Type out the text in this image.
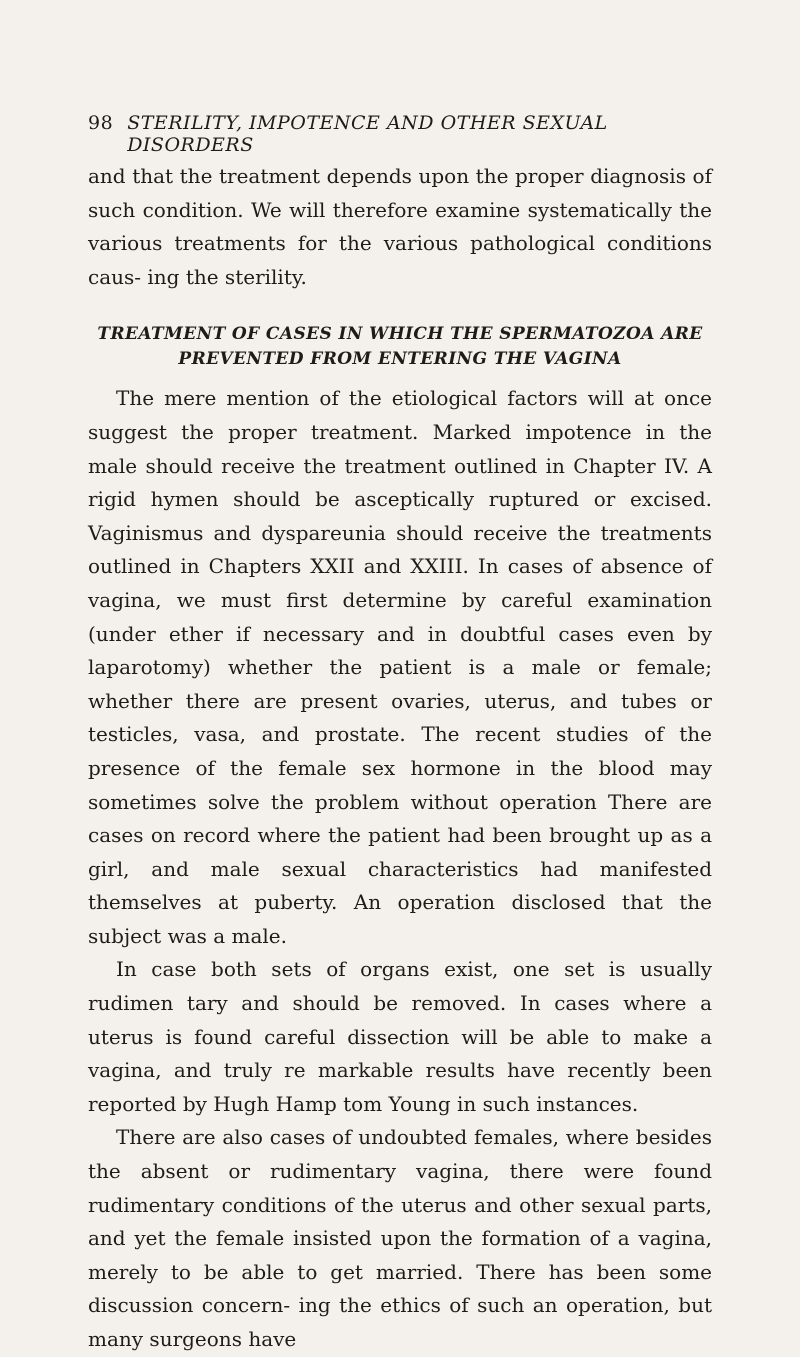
98 STERILITY, IMPOTENCE AND OTHER SEXUAL DISORDERS

and that the treatment depends upon the proper diagnosis of such condition. We will therefore examine systematically the various treatments for the various pathological conditions caus- ing the sterility.

TREATMENT OF CASES IN WHICH THE SPERMATOZOA ARE PREVENTED FROM ENTERING THE VAGINA

The mere mention of the etiological factors will at once suggest the proper treatment. Marked impotence in the male should receive the treatment outlined in Chapter IV. A rigid hymen should be asceptically ruptured or excised. Vaginismus and dyspareunia should receive the treatments outlined in Chapters XXII and XXIII. In cases of absence of vagina, we must first determine by careful examination (under ether if necessary and in doubtful cases even by laparotomy) whether the patient is a male or female; whether there are present ovaries, uterus, and tubes or testicles, vasa, and prostate. The recent studies of the presence of the female sex hormone in the blood may sometimes solve the problem without operation There are cases on record where the patient had been brought up as a girl, and male sexual characteristics had manifested themselves at puberty. An operation disclosed that the subject was a male.

In case both sets of organs exist, one set is usually rudimen tary and should be removed. In cases where a uterus is found careful dissection will be able to make a vagina, and truly re markable results have recently been reported by Hugh Hamp tom Young in such instances.

There are also cases of undoubted females, where besides the absent or rudimentary vagina, there were found rudimentary conditions of the uterus and other sexual parts, and yet the female insisted upon the formation of a vagina, merely to be able to get married. There has been some discussion concern- ing the ethics of such an operation, but many surgeons have
